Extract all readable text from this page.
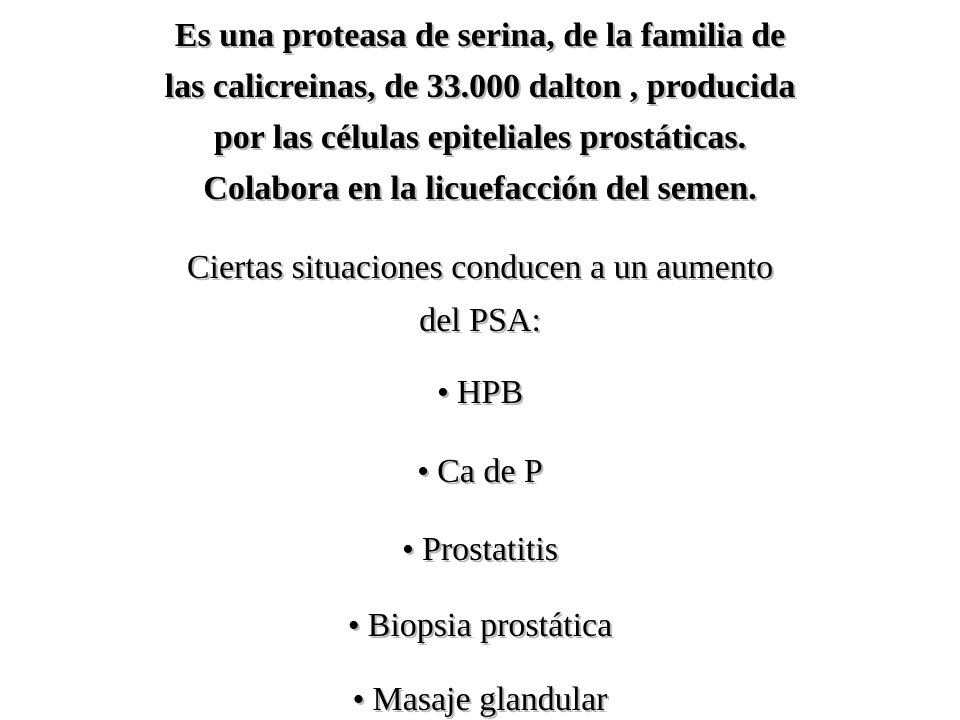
Es una proteasa de serina, de la familia de

las calicreinas, de 33.000 dalton , producida

por las células epiteliales prostáticas.

Colabora en la licuefacción del semen.

Ciertas situaciones conducen a un aumento

del PSA:

• HPB

• Ca de P

• Prostatitis

• Biopsia prostática

• Masaje glandular
